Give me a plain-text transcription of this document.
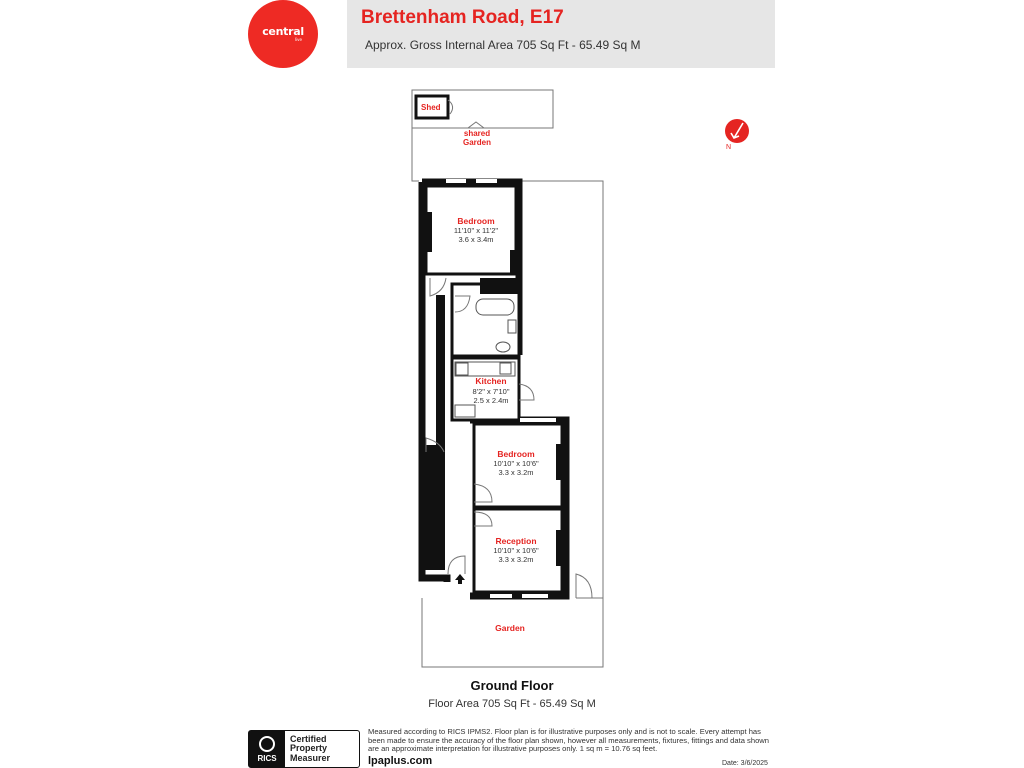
central
live
Brettenham Road, E17
Approx. Gross Internal Area 705 Sq Ft - 65.49 Sq M
N
Shed
shared
Garden
Bedroom
11'10" x 11'2"
3.6 x 3.4m
Kitchen
8'2" x 7'10"
2.5 x 2.4m
Bedroom
10'10" x 10'6"
3.3 x 3.2m
Reception
10'10" x 10'6"
3.3 x 3.2m
Garden
Ground Floor
Floor Area 705 Sq Ft - 65.49 Sq M
RICS
Certified
Property
Measurer
Measured according to RICS IPMS2. Floor plan is for illustrative purposes only and is not to scale. Every attempt has been made to ensure the accuracy of the floor plan shown, however all measurements, fixtures, fittings and data shown are an approximate interpretation for illustrative purposes only. 1 sq m = 10.76 sq feet.
lpaplus.com	Date: 3/6/2025
